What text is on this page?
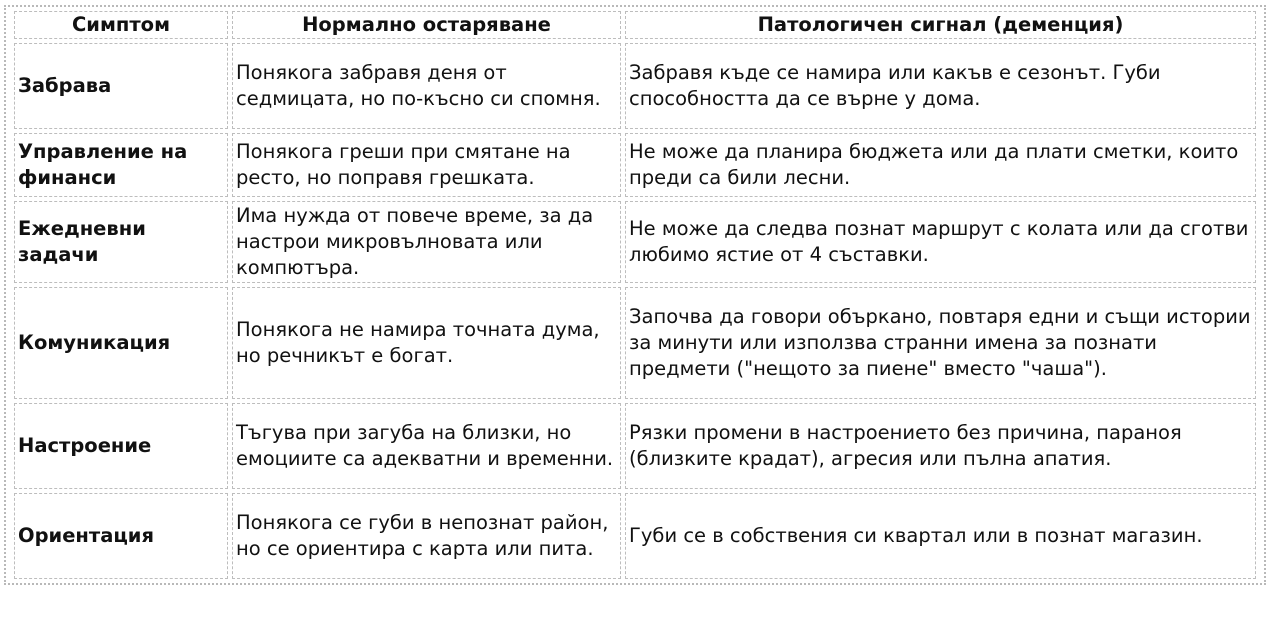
Симптом	Нормално остаряване	Патологичен сигнал (деменция)
Забрава	Понякога забравя деня от седмицата, но по-късно си спомня.	Забравя къде се намира или какъв е сезонът. Губи способността да се върне у дома.
Управление на финанси	Понякога греши при смятане на ресто, но поправя грешката.	Не може да планира бюджета или да плати сметки, които преди са били лесни.
Ежедневни задачи	Има нужда от повече време, за да настрои микровълновата или компютъра.	Не може да следва познат маршрут с колата или да сготви любимо ястие от 4 съставки.
Комуникация	Понякога не намира точната дума, но речникът е богат.	Започва да говори объркано, повтаря едни и същи истории за минути или използва странни имена за познати предмети ("нещото за пиене" вместо "чаша").
Настроение	Тъгува при загуба на близки, но емоциите са адекватни и временни.	Рязки промени в настроението без причина, параноя (близките крадат), агресия или пълна апатия.
Ориентация	Понякога се губи в непознат район, но се ориентира с карта или пита.	Губи се в собствения си квартал или в познат магазин.
